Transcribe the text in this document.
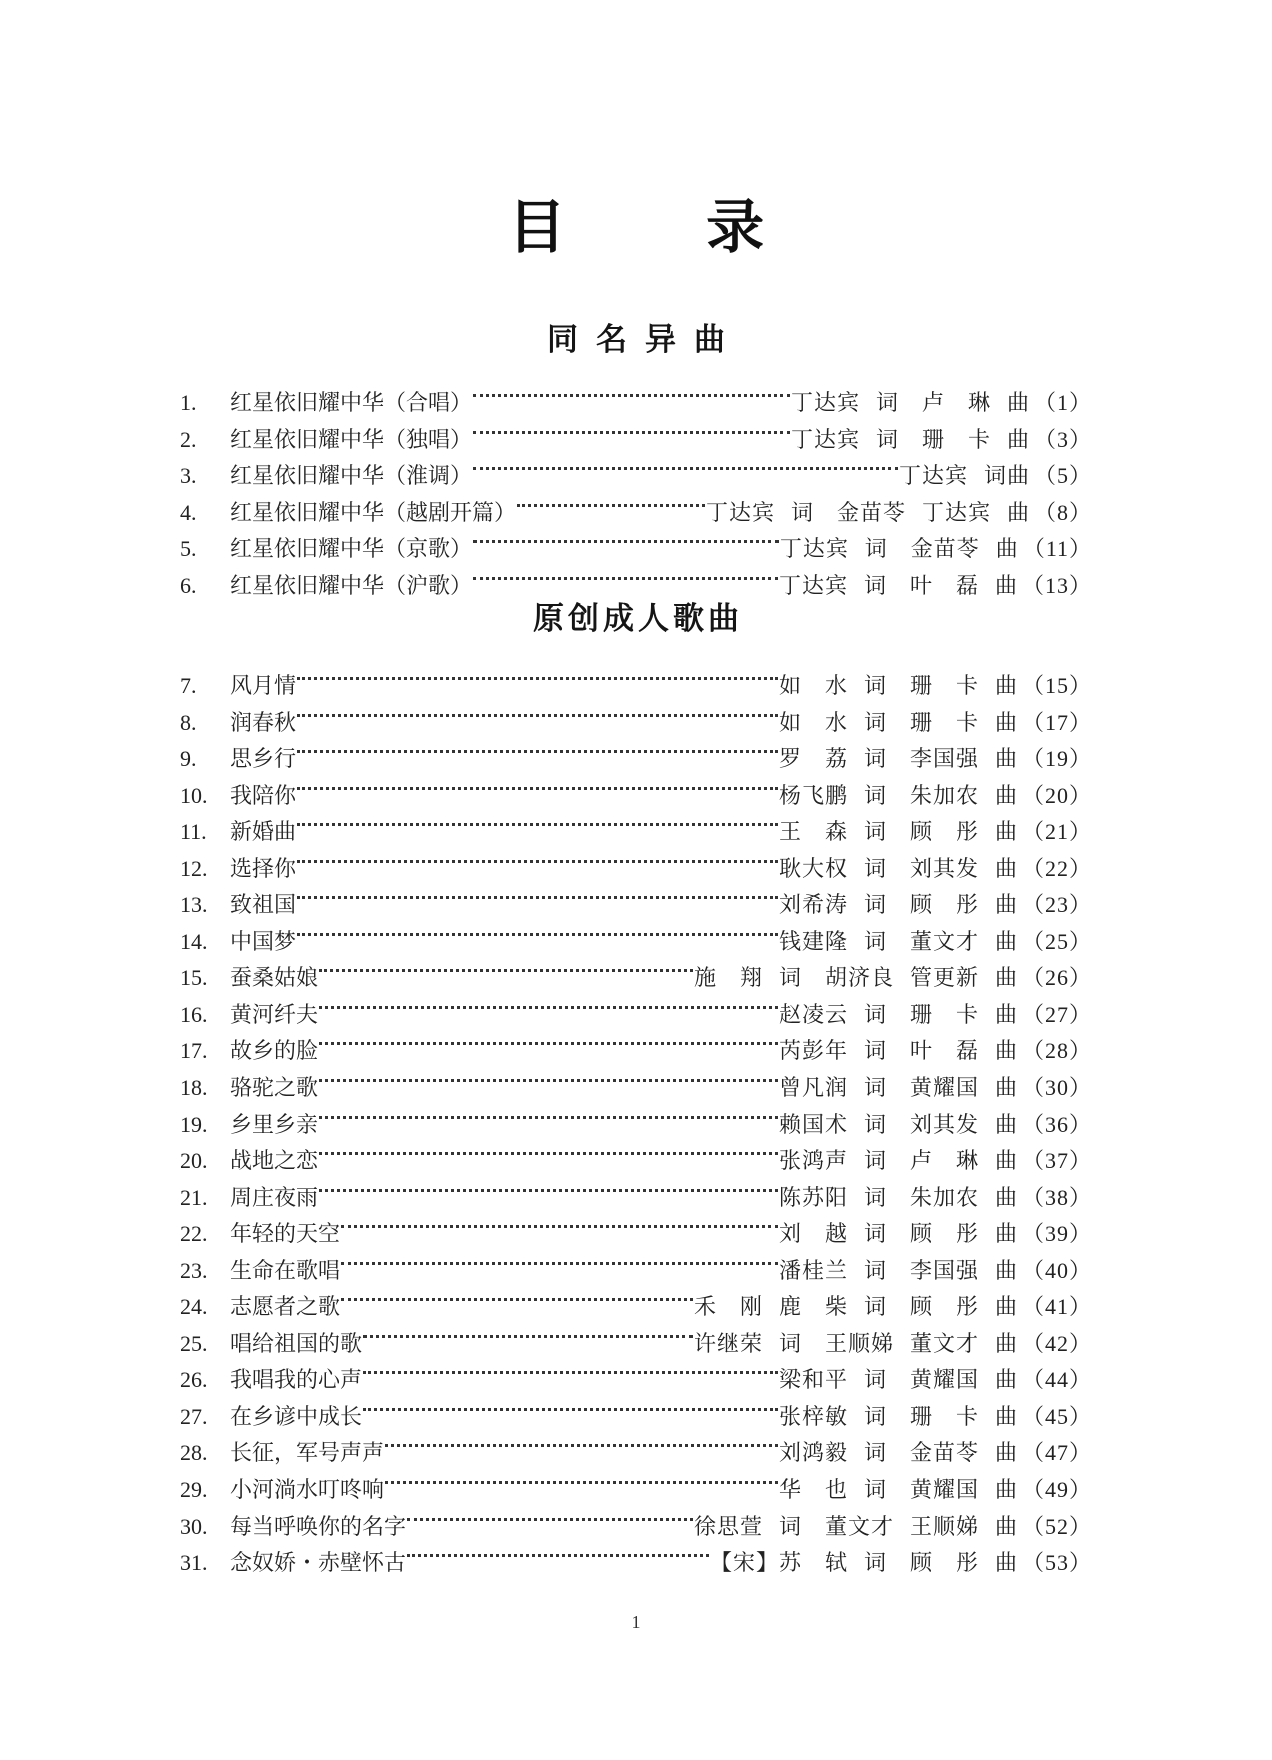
目 录
同名异曲
1.	红星依旧耀中华（合唱）	丁达宾 词　卢　琳 曲 （1）
2.	红星依旧耀中华（独唱）	丁达宾 词　珊　卡 曲 （3）
3.	红星依旧耀中华（淮调）	丁达宾 词曲 （5）
4.	红星依旧耀中华（越剧开篇）	丁达宾 词　金苗苓 丁达宾 曲 （8）
5.	红星依旧耀中华（京歌）	丁达宾 词　金苗苓 曲 （11）
6.	红星依旧耀中华（沪歌）	丁达宾 词　叶　磊 曲 （13）
原创成人歌曲
7.	风月情	如　水 词　珊　卡 曲 （15）
8.	润春秋	如　水 词　珊　卡 曲 （17）
9.	思乡行	罗　荔 词　李国强 曲 （19）
10.	我陪你	杨飞鹏 词　朱加农 曲 （20）
11.	新婚曲	王　森 词　顾　彤 曲 （21）
12.	选择你	耿大权 词　刘其发 曲 （22）
13.	致祖国	刘希涛 词　顾　彤 曲 （23）
14.	中国梦	钱建隆 词　董文才 曲 （25）
15.	蚕桑姑娘	施　翔 词　胡济良 管更新 曲 （26）
16.	黄河纤夫	赵凌云 词　珊　卡 曲 （27）
17.	故乡的脸	芮彭年 词　叶　磊 曲 （28）
18.	骆驼之歌	曾凡润 词　黄耀国 曲 （30）
19.	乡里乡亲	赖国术 词　刘其发 曲 （36）
20.	战地之恋	张鸿声 词　卢　琳 曲 （37）
21.	周庄夜雨	陈苏阳 词　朱加农 曲 （38）
22.	年轻的天空	刘　越 词　顾　彤 曲 （39）
23.	生命在歌唱	潘桂兰 词　李国强 曲 （40）
24.	志愿者之歌	禾　刚 鹿　柴 词　顾　彤 曲 （41）
25.	唱给祖国的歌	许继荣 词　王顺娣 董文才 曲 （42）
26.	我唱我的心声	梁和平 词　黄耀国 曲 （44）
27.	在乡谚中成长	张梓敏 词　珊　卡 曲 （45）
28.	长征，军号声声	刘鸿毅 词　金苗苓 曲 （47）
29.	小河淌水叮咚响	华　也 词　黄耀国 曲 （49）
30.	每当呼唤你的名字	徐思萱 词　董文才 王顺娣 曲 （52）
31.	念奴娇・赤壁怀古	【宋】苏　轼 词　顾　彤 曲 （53）
1
